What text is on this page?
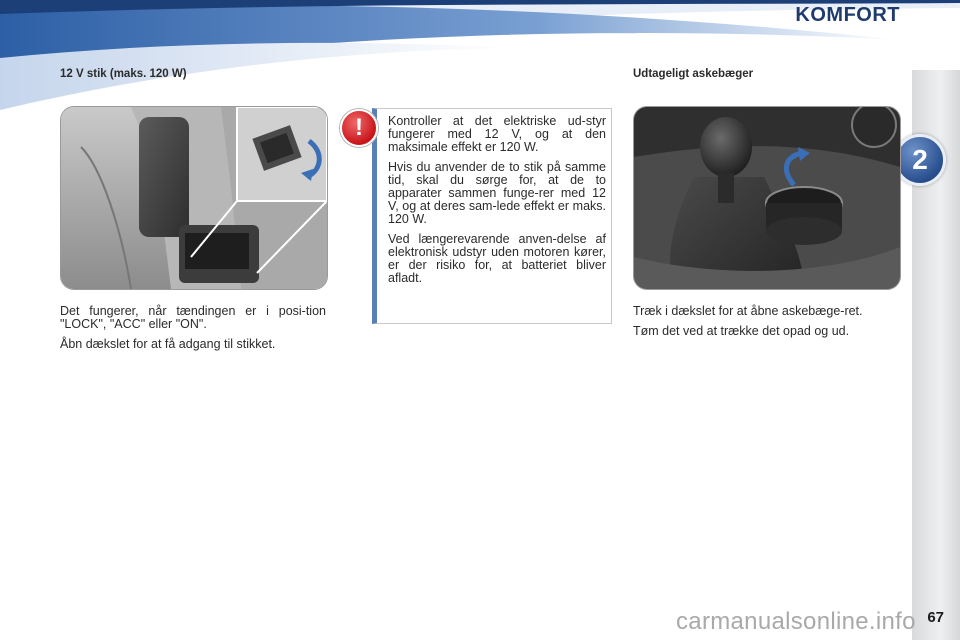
KOMFORT
2
12 V stik (maks. 120 W)

Det fungerer, når tændingen er i posi-tion "LOCK", "ACC" eller "ON".

Åbn dækslet for at få adgang til stikket.

!	Kontroller at det elektriske ud-styr fungerer med 12 V, og at den maksimale effekt er 120 W.

Hvis du anvender de to stik på samme tid, skal du sørge for, at de to apparater sammen funge-rer med 12 V, og at deres sam-lede effekt er maks. 120 W.

Ved længerevarende anven-delse af elektronisk udstyr uden motoren kører, er der risiko for, at batteriet bliver afladt.

Udtageligt askebæger

Træk i dækslet for at åbne askebæge-ret.

Tøm det ved at trække det opad og ud.

carmanualsonline.info 67
